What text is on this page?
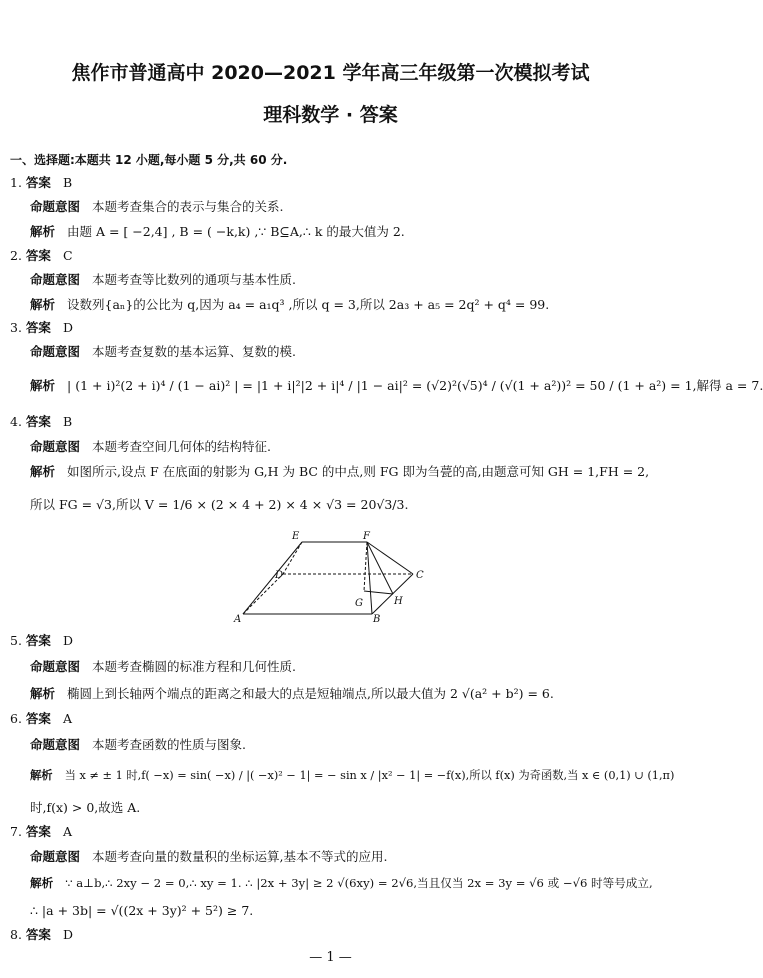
焦作市普通高中 2020—2021 学年高三年级第一次模拟考试
理科数学 · 答案
一、选择题:本题共 12 小题,每小题 5 分,共 60 分.
1. 答案 B
命题意图 本题考查集合的表示与集合的关系.
解析 由题 A = [ −2,4] , B = ( −k,k) ,∵ B⊆A,∴ k 的最大值为 2.
2. 答案 C
命题意图 本题考查等比数列的通项与基本性质.
解析 设数列{aₙ}的公比为 q,因为 a₄ = a₁q³ ,所以 q = 3,所以 2a₃ + a₅ = 2q² + q⁴ = 99.
3. 答案 D
命题意图 本题考查复数的基本运算、复数的模.
解析 | (1 + i)²(2 + i)⁴ / (1 − ai)² | = |1 + i|²|2 + i|⁴ / |1 − ai|² = (√2)²(√5)⁴ / (√(1 + a²))² = 50 / (1 + a²) = 1,解得 a = 7.
4. 答案 B
命题意图 本题考查空间几何体的结构特征.
解析 如图所示,设点 F 在底面的射影为 G,H 为 BC 的中点,则 FG 即为刍甍的高,由题意可知 GH = 1,FH = 2,
所以 FG = √3,所以 V = 1/6 × (2 × 4 + 2) × 4 × √3 = 20√3/3.
E	F
D	C
G	H
A	B
5. 答案 D
命题意图 本题考查椭圆的标准方程和几何性质.
解析 椭圆上到长轴两个端点的距离之和最大的点是短轴端点,所以最大值为 2 √(a² + b²) = 6.
6. 答案 A
命题意图 本题考查函数的性质与图象.
解析 当 x ≠ ± 1 时,f( −x) = sin( −x) / |( −x)² − 1| = − sin x / |x² − 1| = −f(x),所以 f(x) 为奇函数,当 x ∈ (0,1) ∪ (1,π)
时,f(x) > 0,故选 A.
7. 答案 A
命题意图 本题考查向量的数量积的坐标运算,基本不等式的应用.
解析 ∵ a⊥b,∴ 2xy − 2 = 0,∴ xy = 1. ∴ |2x + 3y| ≥ 2 √(6xy) = 2√6,当且仅当 2x = 3y = √6 或 −√6 时等号成立,
∴ |a + 3b| = √((2x + 3y)² + 5²) ≥ 7.
8. 答案 D
— 1 —
